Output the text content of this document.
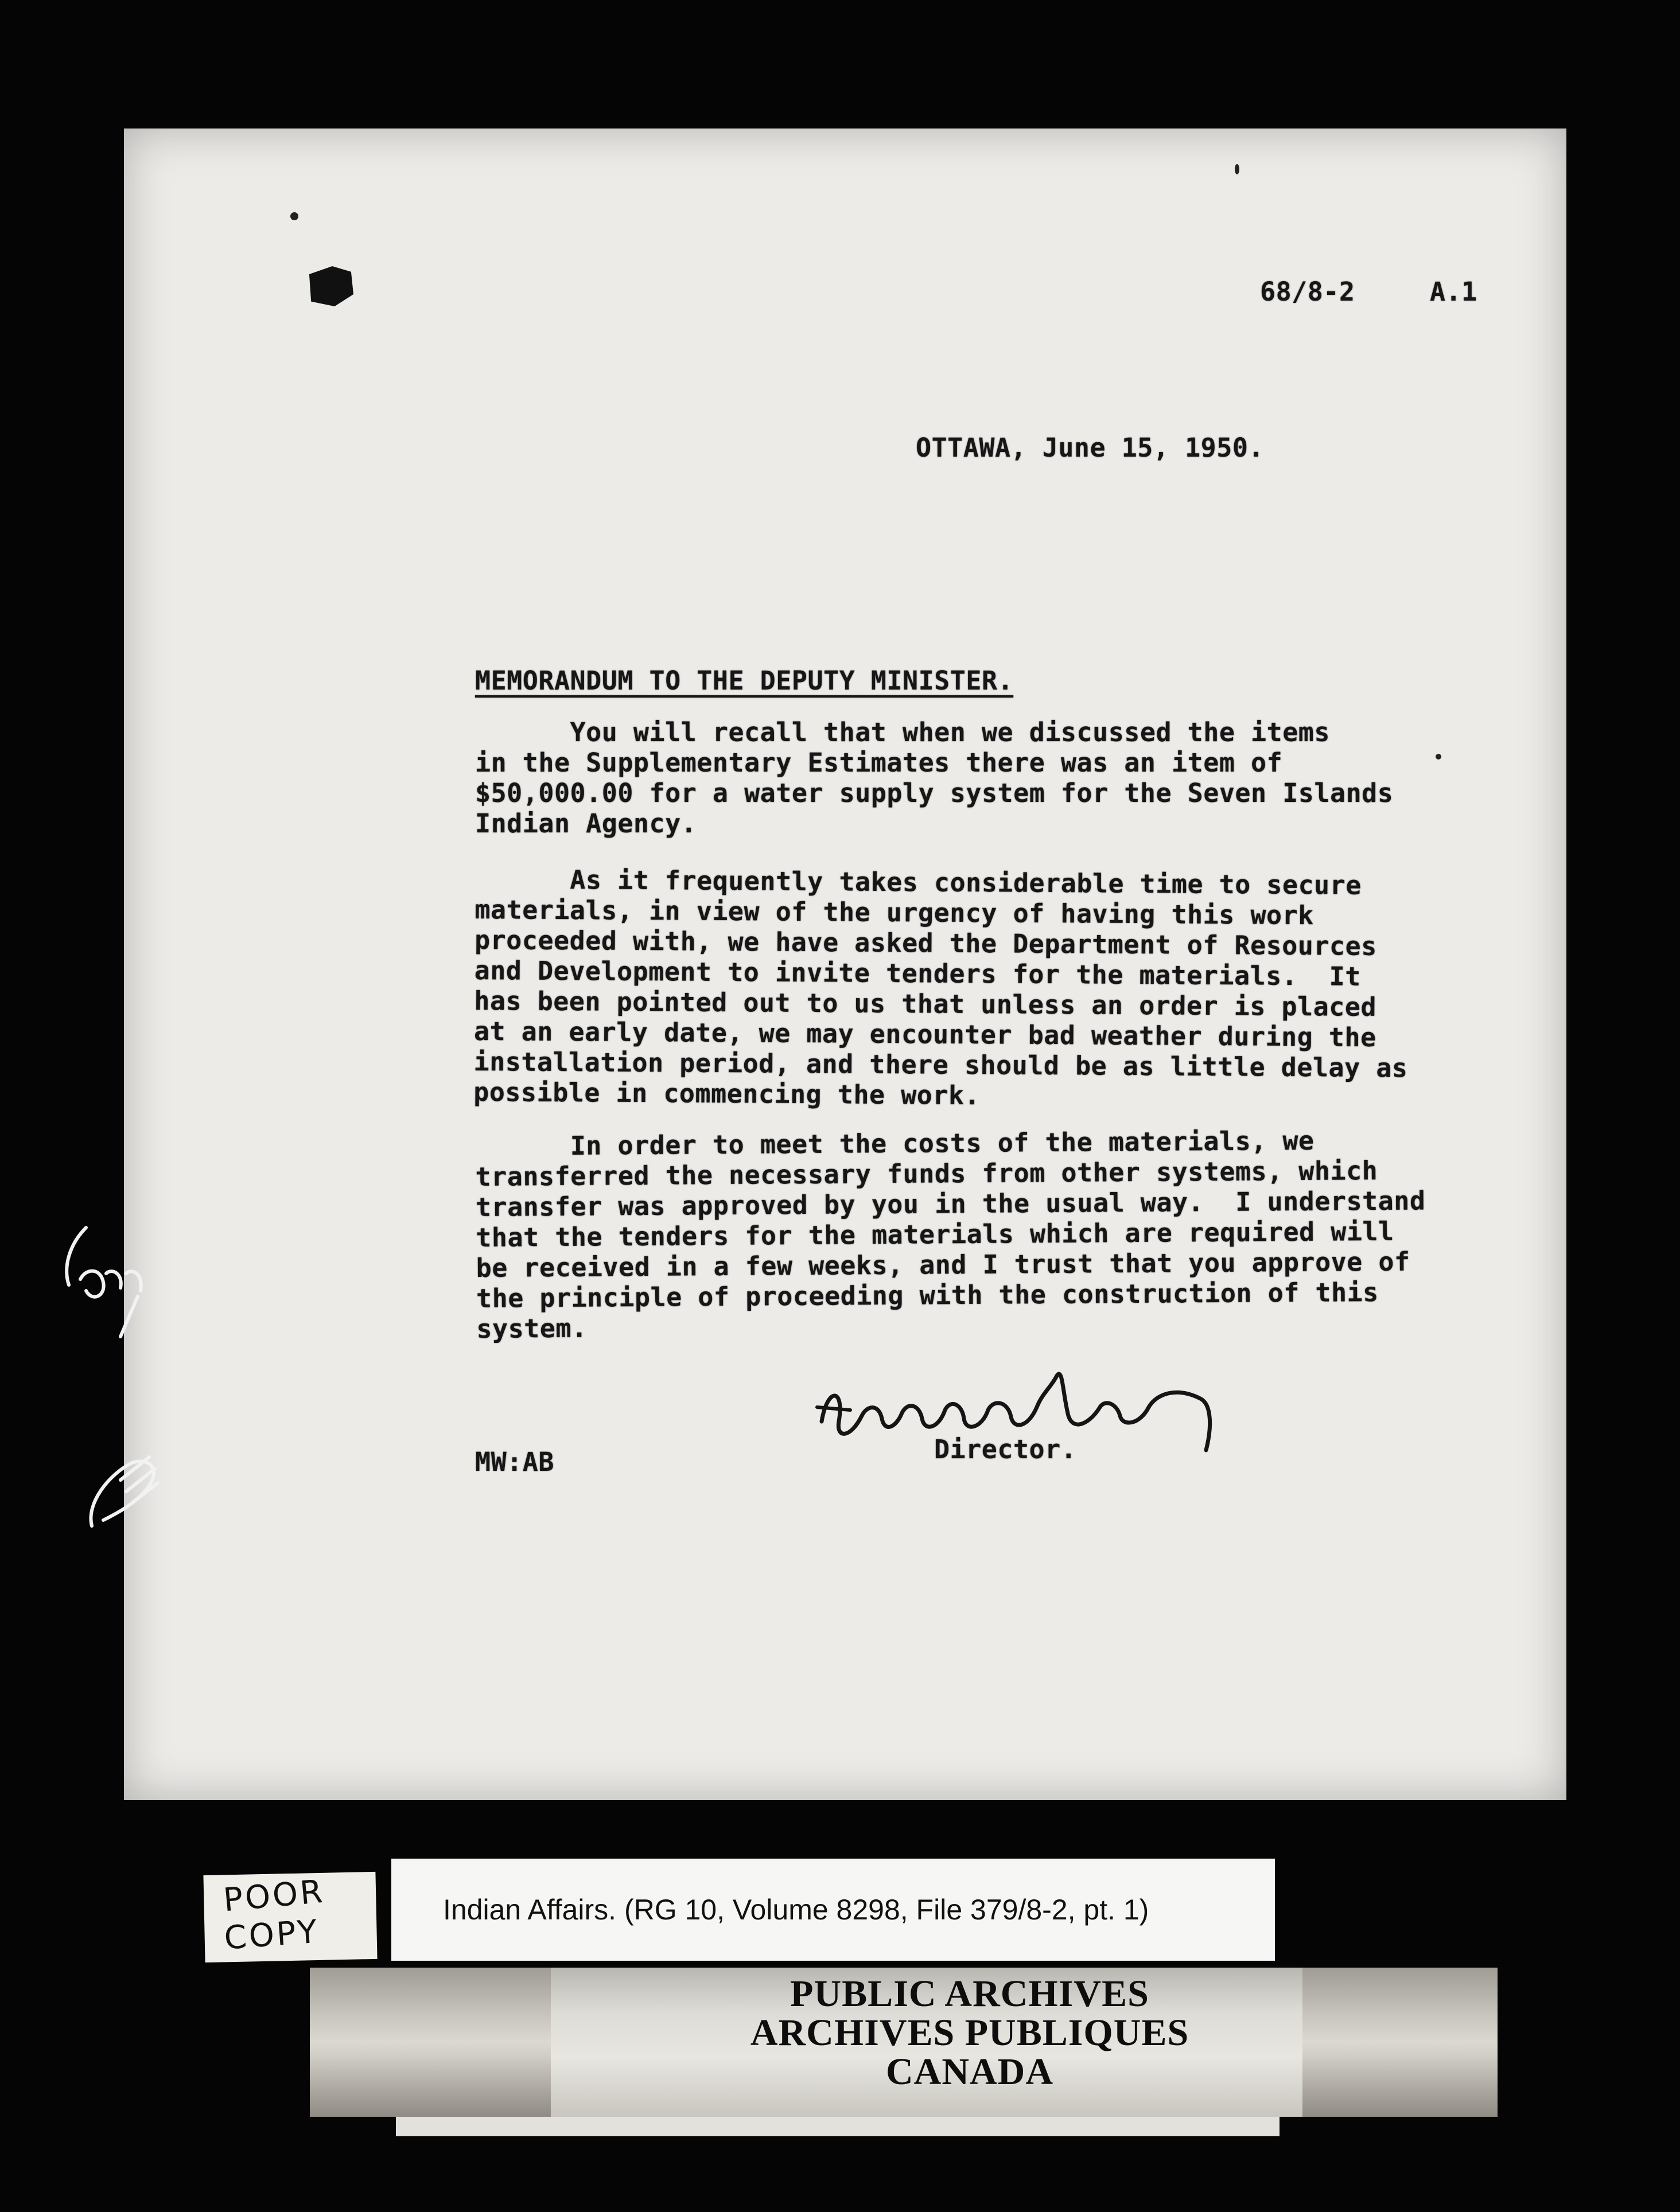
68/8-2	A.1
OTTAWA, June 15, 1950.
MEMORANDUM TO THE DEPUTY MINISTER.
You will recall that when we discussed the items
in the Supplementary Estimates there was an item of
$50,000.00 for a water supply system for the Seven Islands
Indian Agency.
As it frequently takes considerable time to secure
materials, in view of the urgency of having this work
proceeded with, we have asked the Department of Resources
and Development to invite tenders for the materials.  It
has been pointed out to us that unless an order is placed
at an early date, we may encounter bad weather during the
installation period, and there should be as little delay as
possible in commencing the work.
In order to meet the costs of the materials, we
transferred the necessary funds from other systems, which
transfer was approved by you in the usual way.  I understand
that the tenders for the materials which are required will
be received in a few weeks, and I trust that you approve of
the principle of proceeding with the construction of this
system.
MW:AB	Director.
POOR
COPY
Indian Affairs. (RG 10, Volume 8298, File 379/8-2, pt. 1)
PUBLIC ARCHIVES
ARCHIVES PUBLIQUES
CANADA
